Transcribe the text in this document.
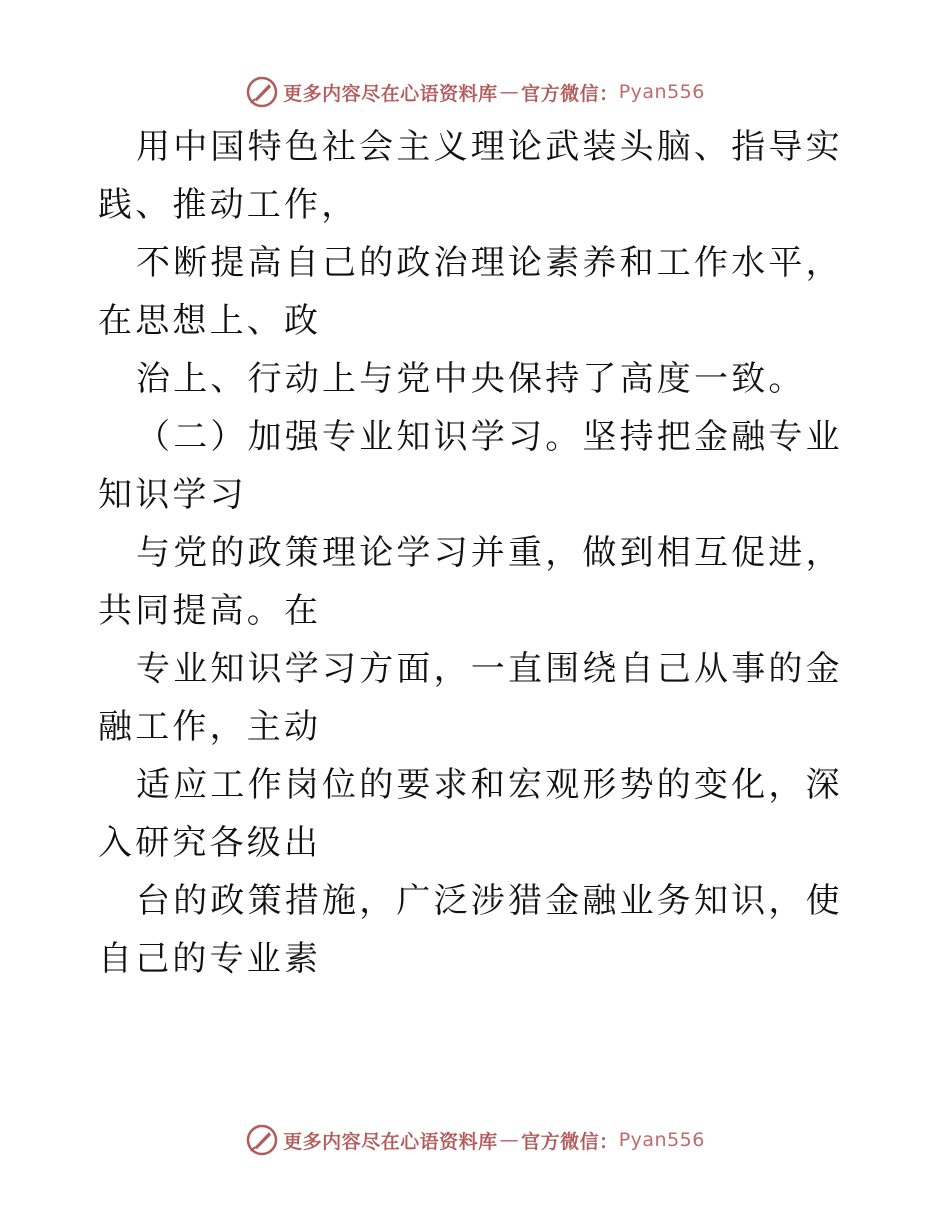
更多内容尽在心语资料库 — 官方微信： Pyan556

用中国特色社会主义理论武装头脑、指导实践、推动工作，

不断提高自己的政治理论素养和工作水平，在思想上、政

治上、行动上与党中央保持了高度一致。

（二）加强专业知识学习。坚持把金融专业知识学习

与党的政策理论学习并重，做到相互促进，共同提高。在

专业知识学习方面，一直围绕自己从事的金融工作，主动

适应工作岗位的要求和宏观形势的变化，深入研究各级出

台的政策措施，广泛涉猎金融业务知识，使自己的专业素

更多内容尽在心语资料库 — 官方微信： Pyan556
